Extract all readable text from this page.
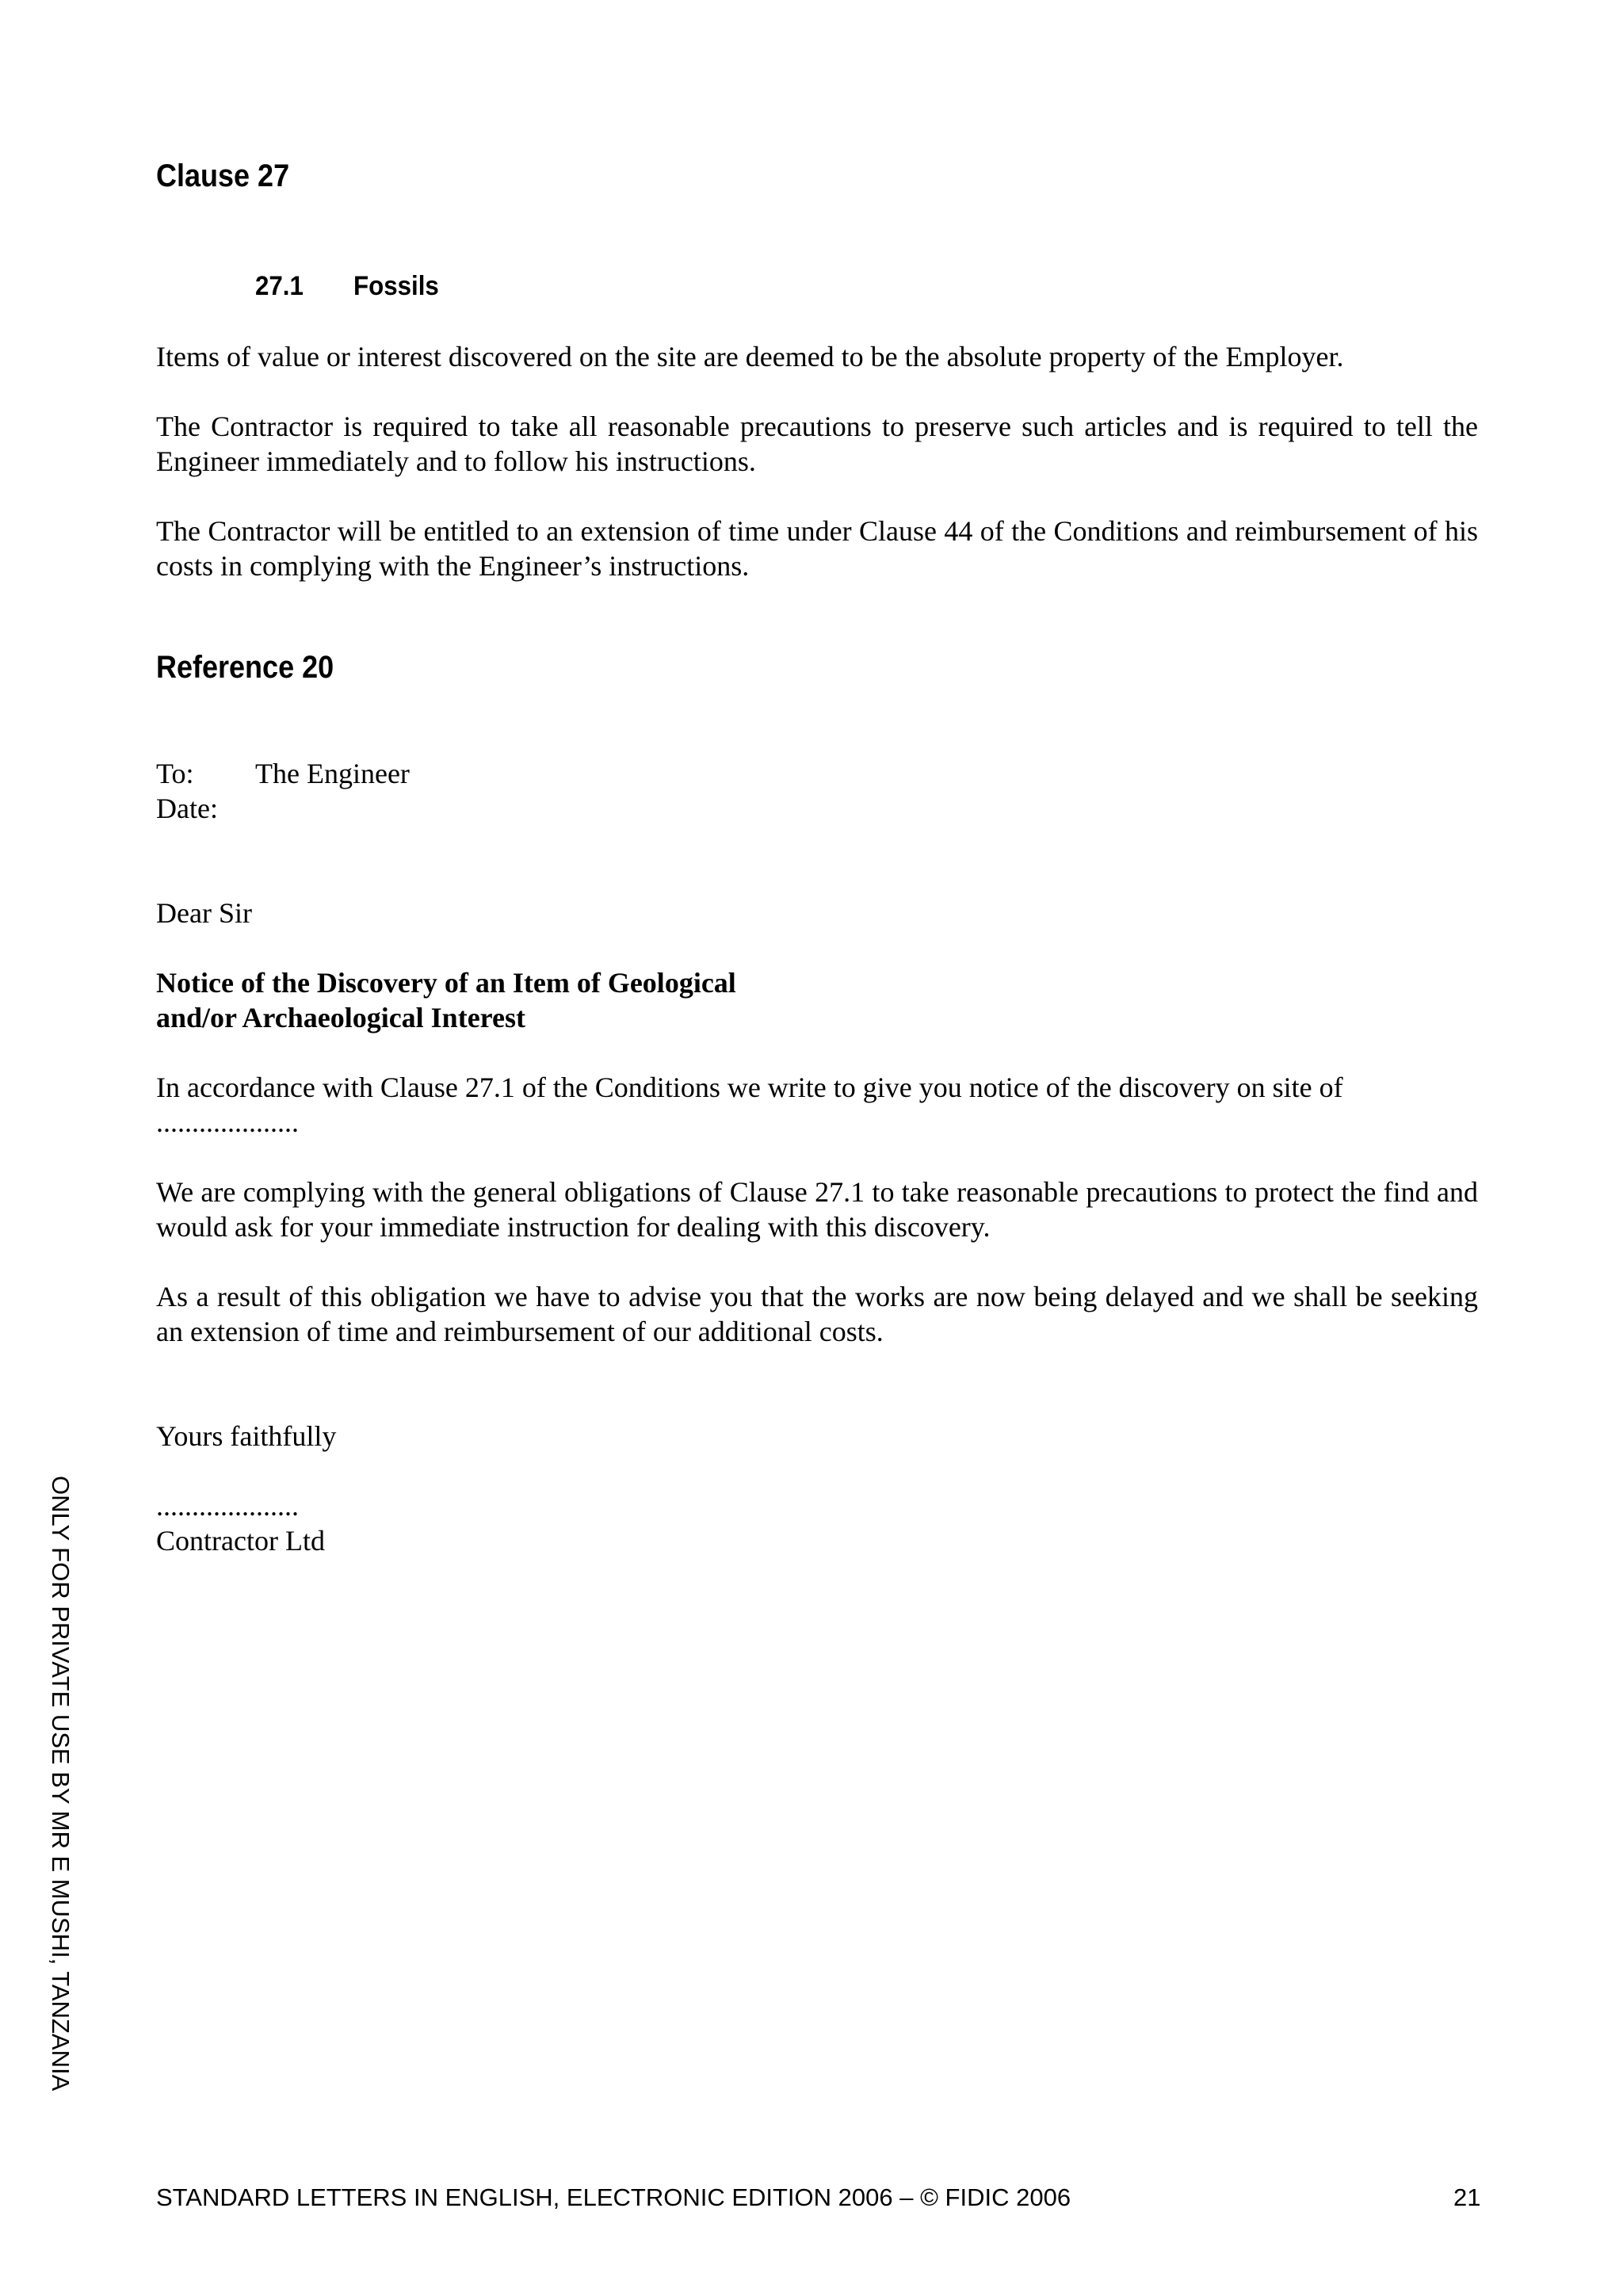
Clause 27
27.1 Fossils
Items of value or interest discovered on the site are deemed to be the absolute property of the Employer.
The Contractor is required to take all reasonable precautions to preserve such articles and is required to tell the Engineer immediately and to follow his instructions.
The Contractor will be entitled to an extension of time under Clause 44 of the Conditions and reimbursement of his costs in complying with the Engineer’s instructions.
Reference 20
To: The Engineer
Date:
Dear Sir
Notice of the Discovery of an Item of Geological
and/or Archaeological Interest
In accordance with Clause 27.1 of the Conditions we write to give you notice of the discovery on site of
....................
We are complying with the general obligations of Clause 27.1 to take reasonable precautions to protect the find and would ask for your immediate instruction for dealing with this discovery.
As a result of this obligation we have to advise you that the works are now being delayed and we shall be seeking an extension of time and reimbursement of our additional costs.
Yours faithfully
....................
Contractor Ltd
ONLY FOR PRIVATE USE BY MR E MUSHI, TANZANIA
STANDARD LETTERS IN ENGLISH, ELECTRONIC EDITION 2006 – © FIDIC 2006	21
